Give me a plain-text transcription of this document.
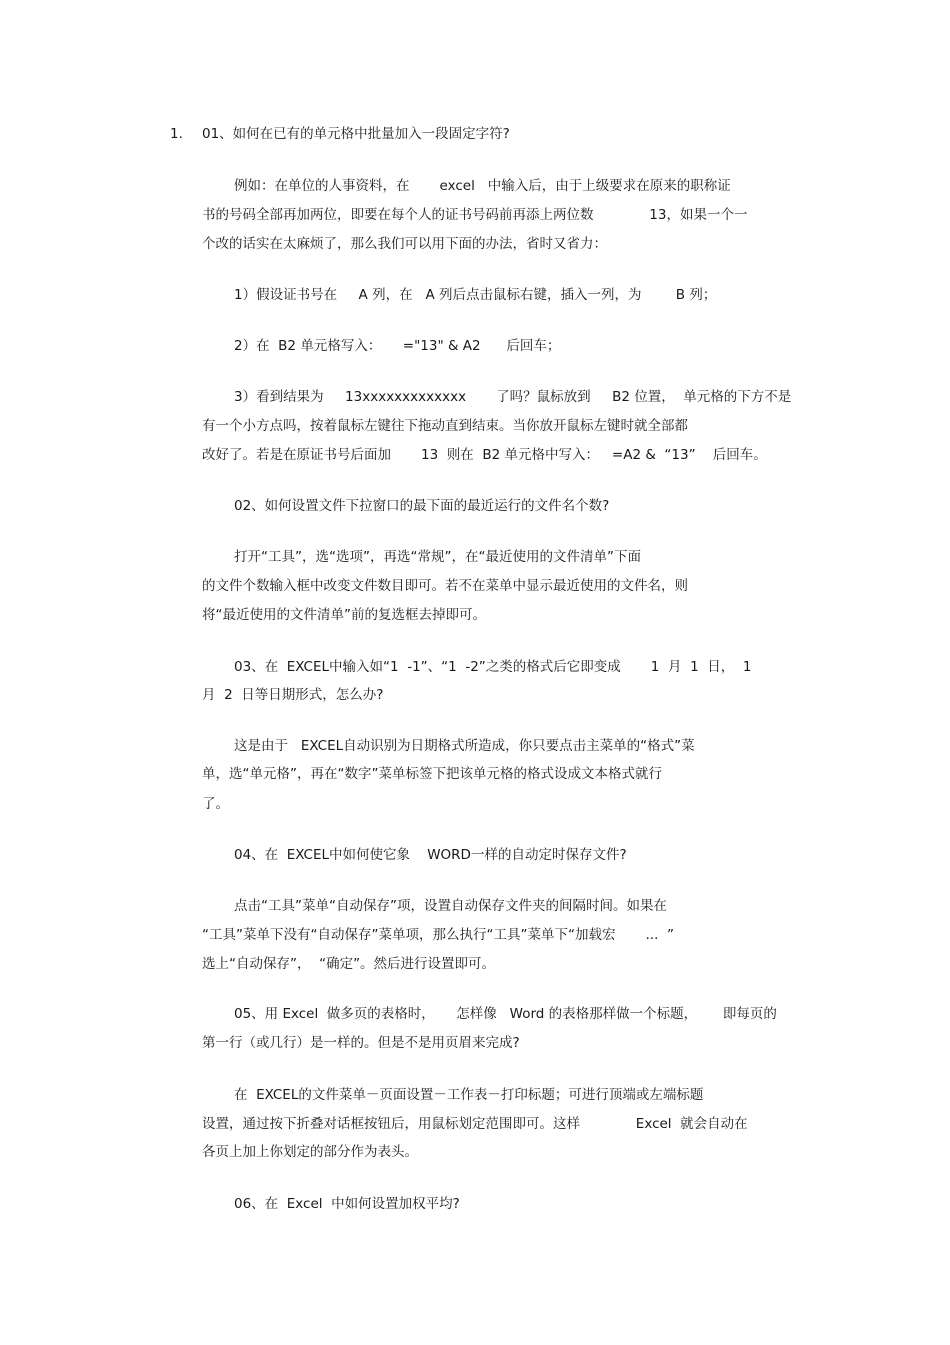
1. 01、如何在已有的单元格中批量加入一段固定字符?
例如：在单位的人事资料，在       excel   中输入后，由于上级要求在原来的职称证
书的号码全部再加两位，即要在每个人的证书号码前再添上两位数             13，如果一个一
个改的话实在太麻烦了，那么我们可以用下面的办法，省时又省力：
1）假设证书号在     A 列，在   A 列后点击鼠标右键，插入一列，为        B 列；
2）在  B2 单元格写入：     ="13" & A2      后回车；
3）看到结果为     13xxxxxxxxxxxxx       了吗？鼠标放到     B2 位置，  单元格的下方不是
有一个小方点吗，按着鼠标左键往下拖动直到结束。当你放开鼠标左键时就全部都
改好了。若是在原证书号后面加       13  则在  B2 单元格中写入：   =A2 &  “13”    后回车。
02、如何设置文件下拉窗口的最下面的最近运行的文件名个数?
打开“工具”，选“选项”，再选“常规”，在“最近使用的文件清单”下面
的文件个数输入框中改变文件数目即可。若不在菜单中显示最近使用的文件名，则
将“最近使用的文件清单”前的复选框去掉即可。
03、在  EXCEL中输入如“1  -1”、“1  -2”之类的格式后它即变成       1  月  1  日，  1
月  2  日等日期形式，怎么办?
这是由于   EXCEL自动识别为日期格式所造成，你只要点击主菜单的“格式”菜
单，选“单元格”，再在“数字”菜单标签下把该单元格的格式设成文本格式就行
了。
04、在  EXCEL中如何使它象    WORD一样的自动定时保存文件?
点击“工具”菜单“自动保存”项，设置自动保存文件夹的间隔时间。如果在
“工具”菜单下没有“自动保存”菜单项，那么执行“工具”菜单下“加载宏       ...  ”
选上“自动保存”，  “确定”。然后进行设置即可。
05、用 Excel  做多页的表格时，     怎样像   Word 的表格那样做一个标题，      即每页的
第一行（或几行）是一样的。但是不是用页眉来完成?
在  EXCEL的文件菜单－页面设置－工作表－打印标题；可进行顶端或左端标题
设置，通过按下折叠对话框按钮后，用鼠标划定范围即可。这样             Excel  就会自动在
各页上加上你划定的部分作为表头。
06、在  Excel  中如何设置加权平均?
